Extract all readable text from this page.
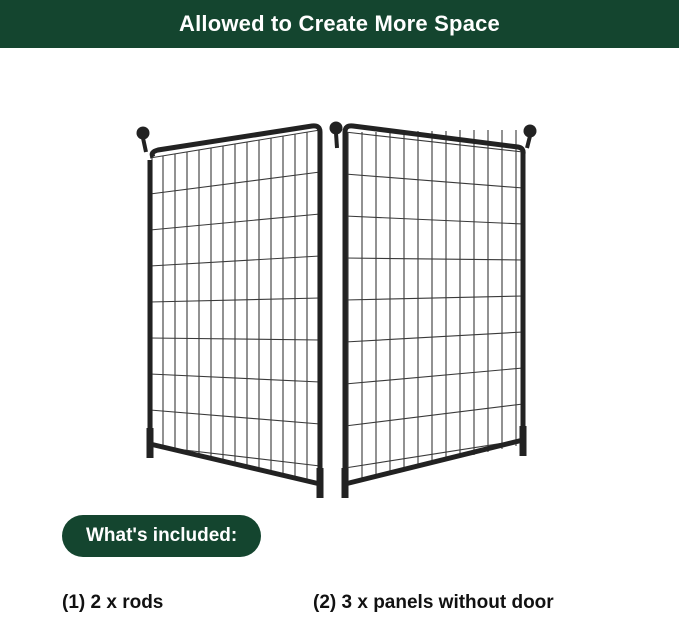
Allowed to Create More Space
What's included:
(1) 2 x rods	(2) 3 x panels without door
